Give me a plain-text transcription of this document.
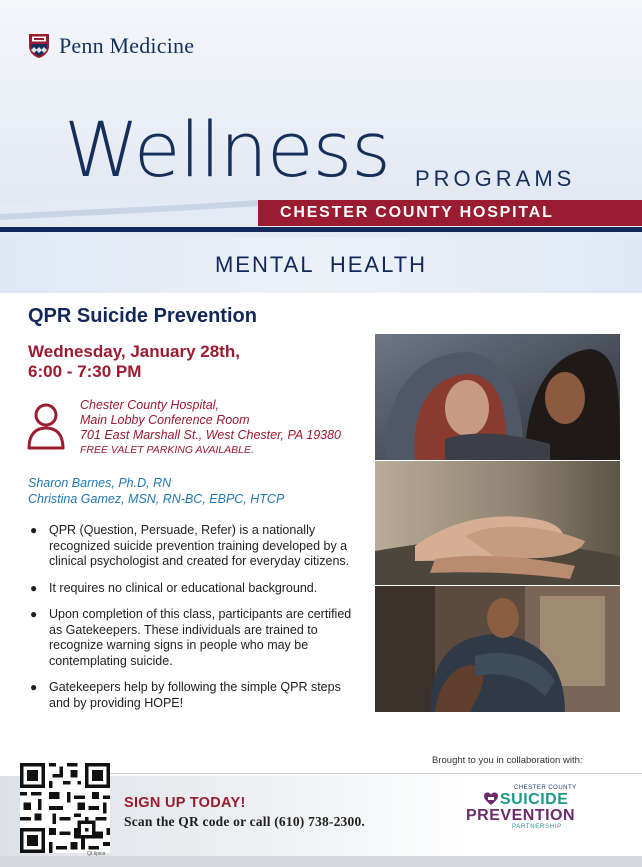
Penn Medicine
Wellness PROGRAMS
CHESTER COUNTY HOSPITAL
MENTAL HEALTH
QPR Suicide Prevention
Wednesday, January 28th,
6:00 - 7:30 PM
Chester County Hospital,
Main Lobby Conference Room
701 East Marshall St., West Chester, PA 19380
FREE VALET PARKING AVAILABLE.
Sharon Barnes, Ph.D, RN
Christina Gamez, MSN, RN-BC, EBPC, HTCP
● QPR (Question, Persuade, Refer) is a nationally recognized suicide prevention training developed by a clinical psychologist and created for everyday citizens.
● It requires no clinical or educational background.
● Upon completion of this class, participants are certified as Gatekeepers. These individuals are trained to recognize warning signs in people who may be contemplating suicide.
● Gatekeepers help by following the simple QPR steps and by providing HOPE!
Brought to you in collaboration with:
Qt tipica
SIGN UP TODAY!
Scan the QR code or call (610) 738-2300.
CHESTER COUNTY
SUICIDE
PREVENTION
PARTNERSHIP
